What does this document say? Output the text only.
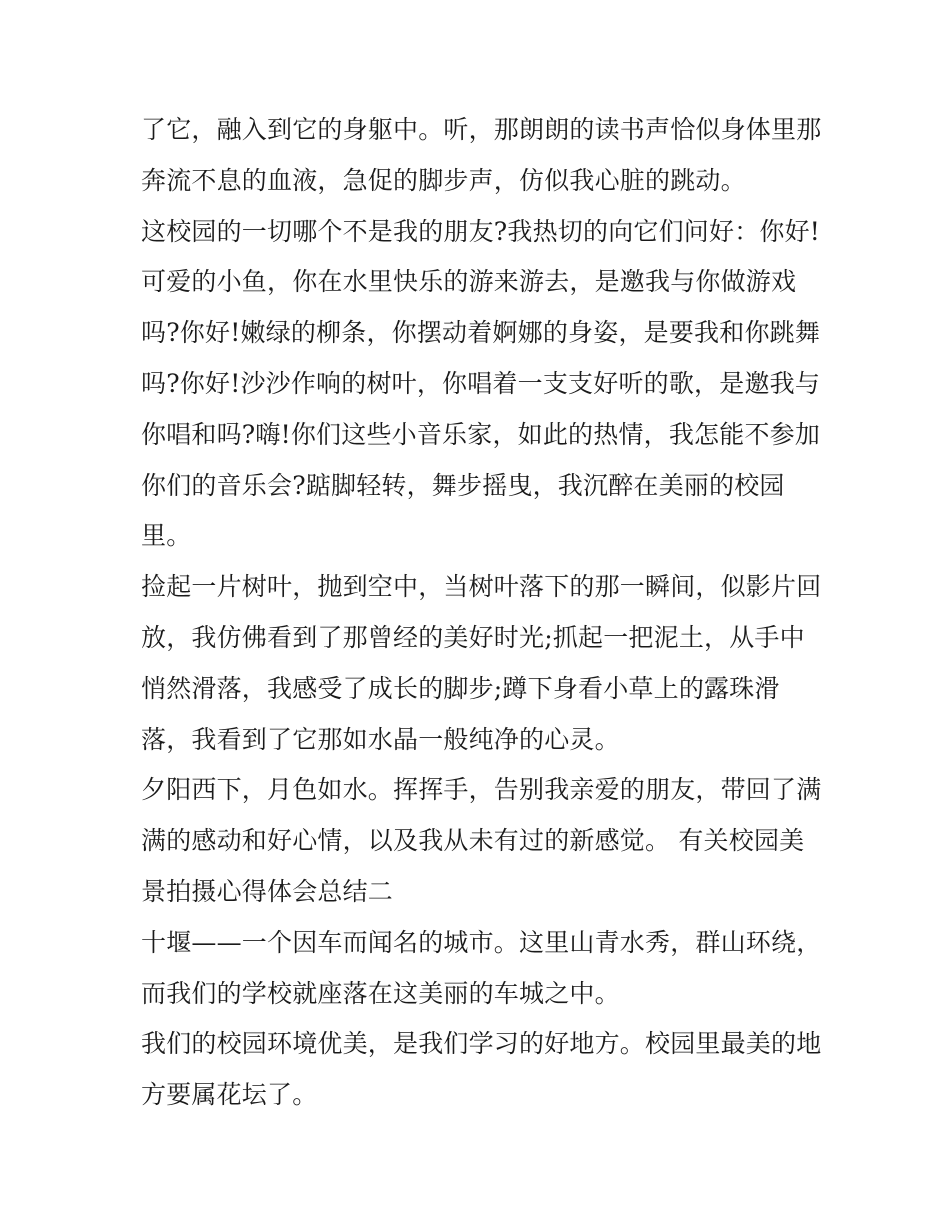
了它，融入到它的身躯中。听，那朗朗的读书声恰似身体里那
奔流不息的血液，急促的脚步声，仿似我心脏的跳动。
这校园的一切哪个不是我的朋友?我热切的向它们问好：你好!
可爱的小鱼，你在水里快乐的游来游去，是邀我与你做游戏
吗?你好!嫩绿的柳条，你摆动着婀娜的身姿，是要我和你跳舞
吗?你好!沙沙作响的树叶，你唱着一支支好听的歌，是邀我与
你唱和吗?嗨!你们这些小音乐家，如此的热情，我怎能不参加
你们的音乐会?踮脚轻转，舞步摇曳，我沉醉在美丽的校园
里。
捡起一片树叶，抛到空中，当树叶落下的那一瞬间，似影片回
放，我仿佛看到了那曾经的美好时光;抓起一把泥土，从手中
悄然滑落，我感受了成长的脚步;蹲下身看小草上的露珠滑
落，我看到了它那如水晶一般纯净的心灵。
夕阳西下，月色如水。挥挥手，告别我亲爱的朋友，带回了满
满的感动和好心情，以及我从未有过的新感觉。 有关校园美
景拍摄心得体会总结二
十堰——一个因车而闻名的城市。这里山青水秀，群山环绕，
而我们的学校就座落在这美丽的车城之中。
我们的校园环境优美，是我们学习的好地方。校园里最美的地
方要属花坛了。
